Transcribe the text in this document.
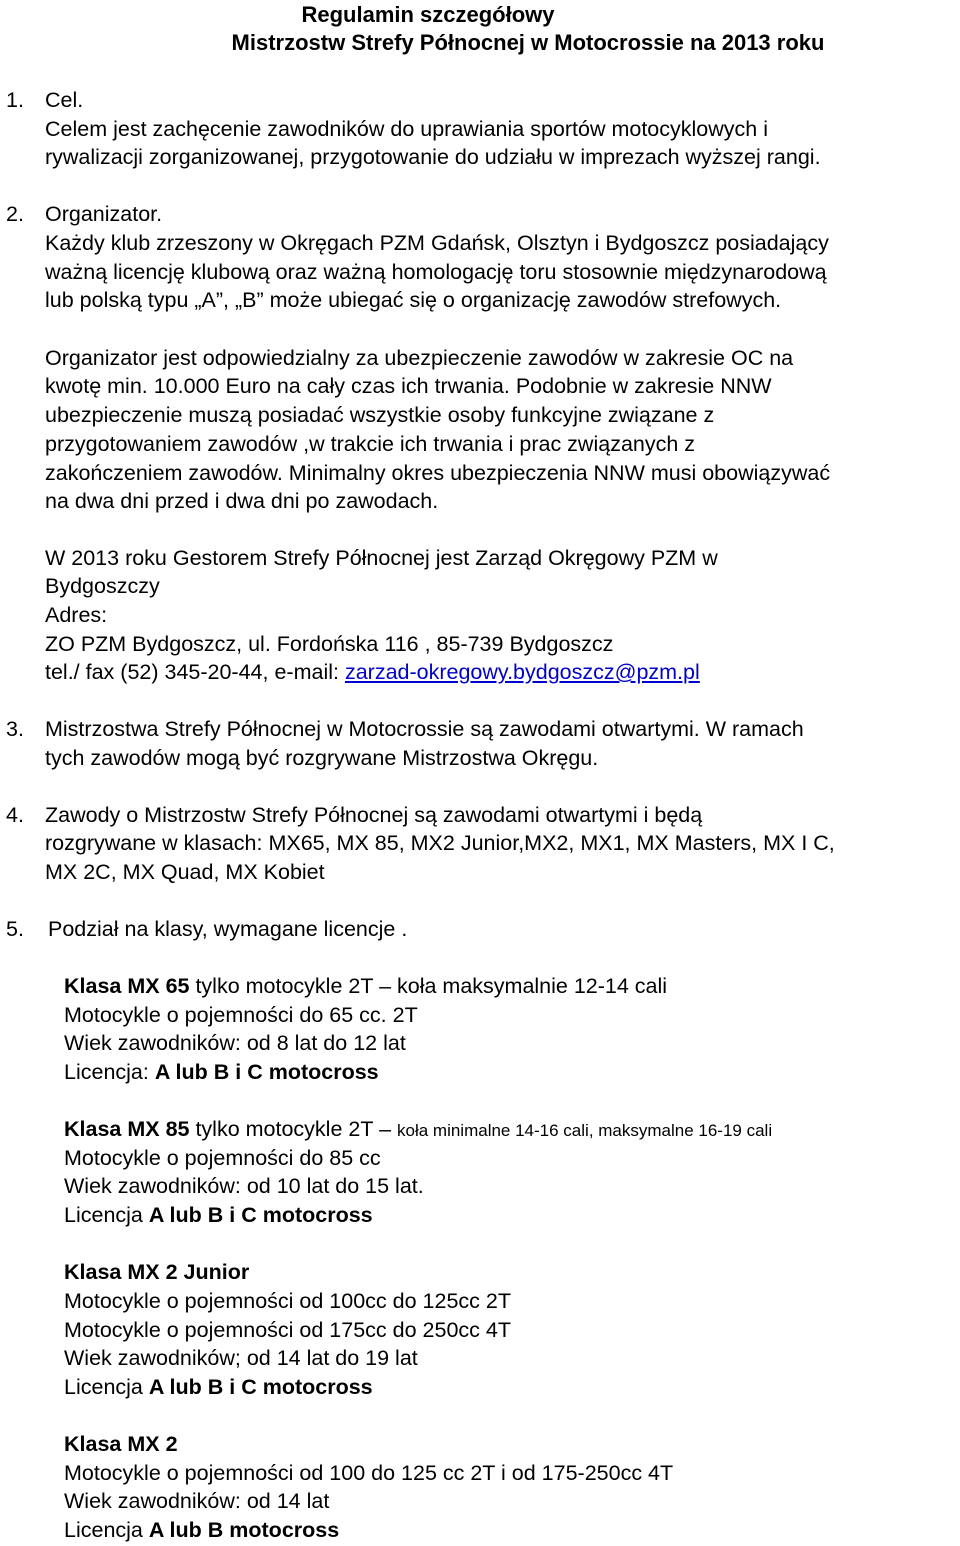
Regulamin szczegółowy
Mistrzostw Strefy Północnej w Motocrossie na 2013 roku
1. Cel.

Celem jest zachęcenie zawodników do uprawiania sportów motocyklowych i

rywalizacji zorganizowanej, przygotowanie do udziału w imprezach wyższej rangi.

2. Organizator.

Każdy klub zrzeszony w Okręgach PZM Gdańsk, Olsztyn i Bydgoszcz posiadający

ważną licencję klubową oraz ważną homologację toru stosownie międzynarodową

lub polską typu „A”, „B” może ubiegać się o organizację zawodów strefowych.

Organizator jest odpowiedzialny za ubezpieczenie zawodów w zakresie OC na

kwotę min. 10.000 Euro na cały czas ich trwania. Podobnie w zakresie NNW

ubezpieczenie muszą posiadać wszystkie osoby funkcyjne związane z

przygotowaniem zawodów ,w trakcie ich trwania i prac związanych z

zakończeniem zawodów. Minimalny okres ubezpieczenia NNW musi obowiązywać

na dwa dni przed i dwa dni po zawodach.

W 2013 roku Gestorem Strefy Północnej jest Zarząd Okręgowy PZM w

Bydgoszczy

Adres:

ZO PZM Bydgoszcz, ul. Fordońska 116 , 85-739 Bydgoszcz

tel./ fax (52) 345-20-44, e-mail: zarzad-okregowy.bydgoszcz@pzm.pl

3. Mistrzostwa Strefy Północnej w Motocrossie są zawodami otwartymi. W ramach

tych zawodów mogą być rozgrywane Mistrzostwa Okręgu.

4. Zawody o Mistrzostw Strefy Północnej są zawodami otwartymi i będą

rozgrywane w klasach: MX65, MX 85, MX2 Junior,MX2, MX1, MX Masters, MX I C,

MX 2C, MX Quad, MX Kobiet

5. Podział na klasy, wymagane licencje .

Klasa MX 65 tylko motocykle 2T – koła maksymalnie 12-14 cali

Motocykle o pojemności do 65 cc. 2T

Wiek zawodników: od 8 lat do 12 lat

Licencja: A lub B i C motocross

Klasa MX 85 tylko motocykle 2T – koła minimalne 14-16 cali, maksymalne 16-19 cali

Motocykle o pojemności do 85 cc

Wiek zawodników: od 10 lat do 15 lat.

Licencja A lub B i C motocross

Klasa MX 2 Junior

Motocykle o pojemności od 100cc do 125cc 2T

Motocykle o pojemności od 175cc do 250cc 4T

Wiek zawodników; od 14 lat do 19 lat

Licencja A lub B i C motocross

Klasa MX 2

Motocykle o pojemności od 100 do 125 cc 2T i od 175-250cc 4T

Wiek zawodników: od 14 lat

Licencja A lub B motocross
